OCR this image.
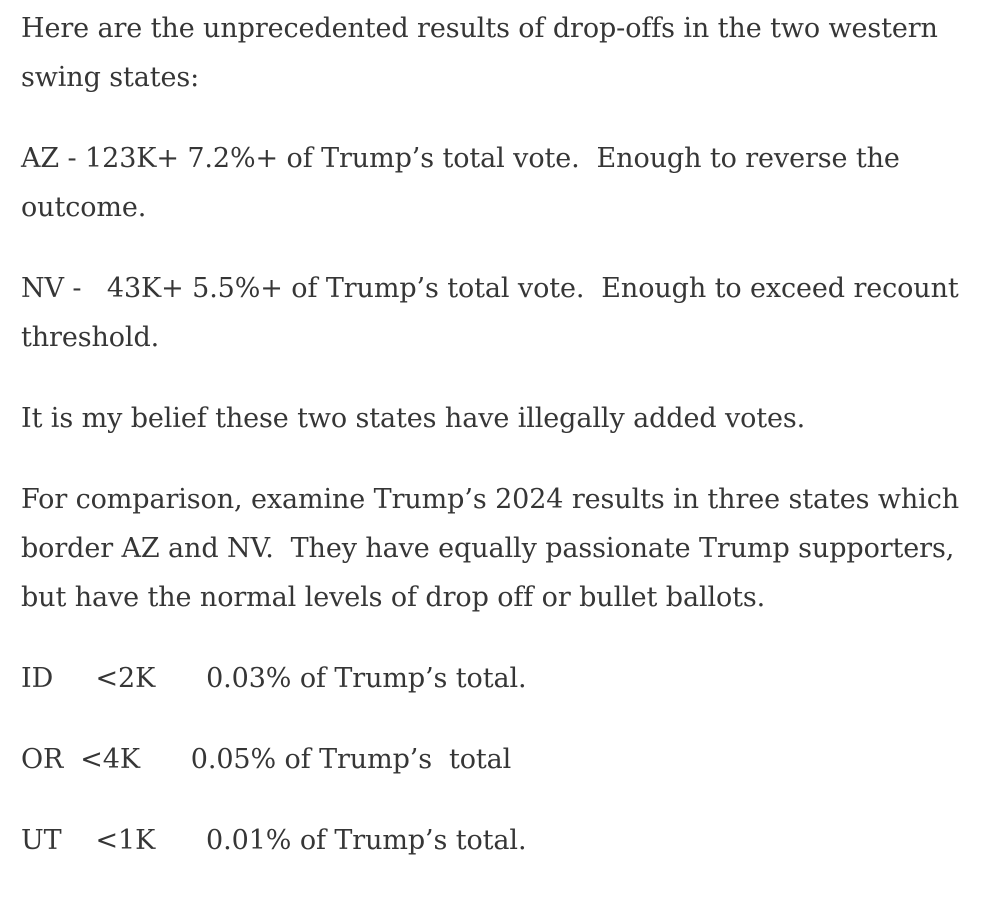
Here are the unprecedented results of drop-offs in the two western swing states:

AZ - 123K+ 7.2%+ of Trump’s total vote.  Enough to reverse the outcome.

NV -   43K+ 5.5%+ of Trump’s total vote.  Enough to exceed recount threshold.

It is my belief these two states have illegally added votes.

For comparison, examine Trump’s 2024 results in three states which border AZ and NV.  They have equally passionate Trump supporters, but have the normal levels of drop off or bullet ballots.

ID     <2K      0.03% of Trump’s total.

OR  <4K      0.05% of Trump’s  total

UT    <1K      0.01% of Trump’s total.
